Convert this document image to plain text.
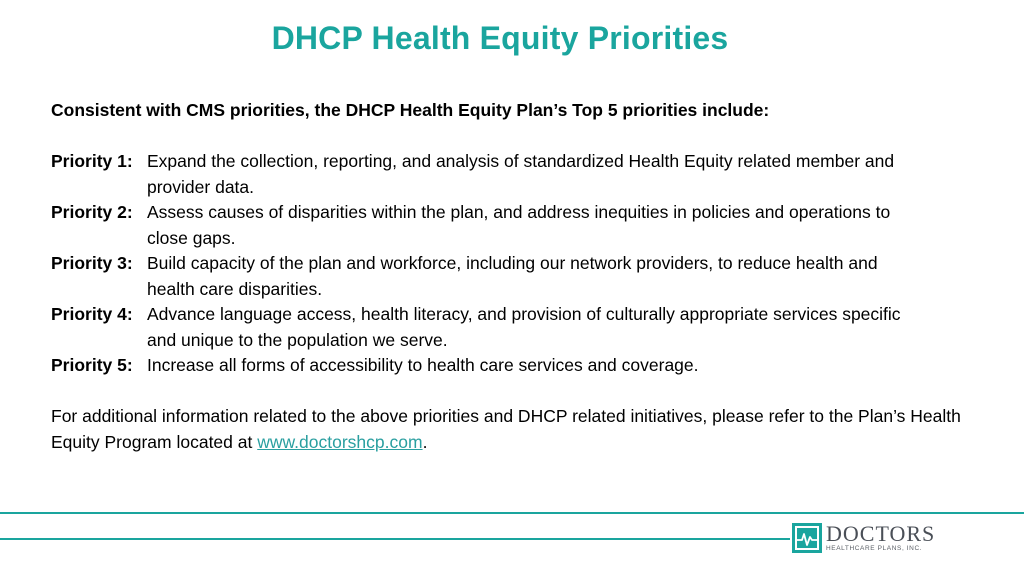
DHCP Health Equity Priorities

Consistent with CMS priorities, the DHCP Health Equity Plan’s Top 5 priorities include:

Priority 1: Expand the collection, reporting, and analysis of standardized Health Equity related member and provider data.
Priority 2: Assess causes of disparities within the plan, and address inequities in policies and operations to close gaps.
Priority 3: Build capacity of the plan and workforce, including our network providers, to reduce health and health care disparities.
Priority 4: Advance language access, health literacy, and provision of culturally appropriate services specific and unique to the population we serve.
Priority 5: Increase all forms of accessibility to health care services and coverage.

For additional information related to the above priorities and DHCP related initiatives, please refer to the Plan’s Health Equity Program located at www.doctorshcp.com.

DOCTORS
HEALTHCARE PLANS, INC.
